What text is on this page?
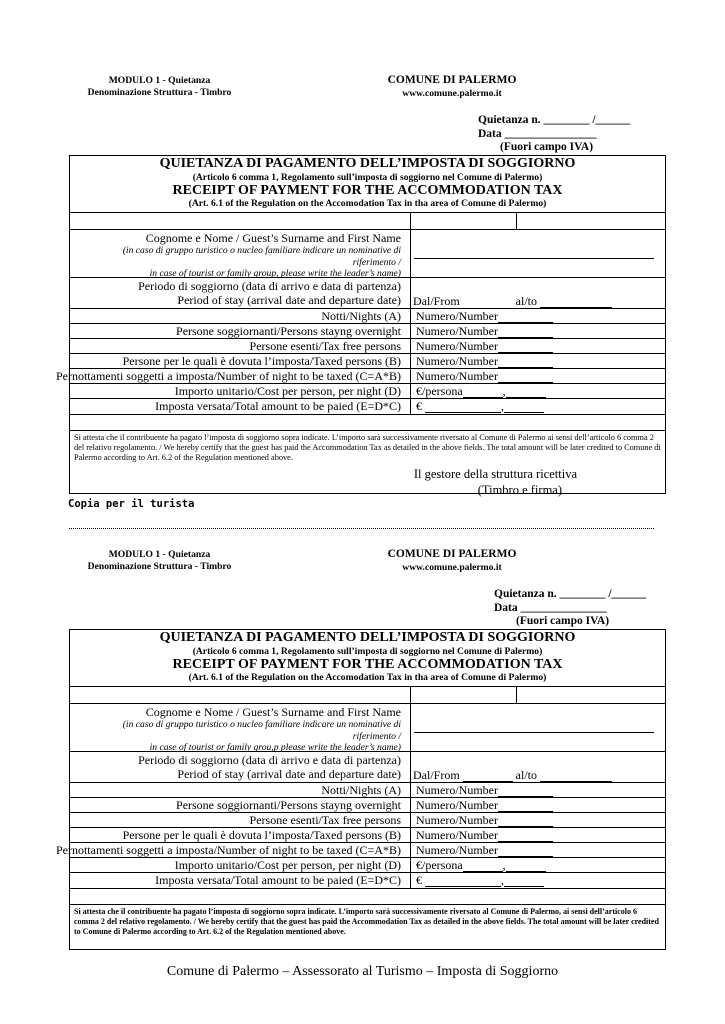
MODULO 1 - Quietanza
Denominazione Struttura - Timbro
COMUNE DI PALERMO
www.comune.palermo.it
Quietanza n. ________ /______
Data ________________
(Fuori campo IVA)
QUIETANZA DI PAGAMENTO DELL’IMPOSTA DI SOGGIORNO
(Articolo 6 comma 1, Regolamento sull’imposta di soggiorno nel Comune di Palermo)
RECEIPT OF PAYMENT FOR THE ACCOMMODATION TAX
(Art. 6.1 of the Regulation on the Accomodation Tax in tha area of Comune di Palermo)
Cognome e Nome / Guest’s Surname and First Name
(in caso di gruppo turistico o nucleo familiare indicare un nominative di
riferimento /
in case of tourist or family group, please write the leader’s name)
Periodo di soggiorno (data di arrivo e data di partenza)
Period of stay (arrival date and departure date) Dal/From	al/to
Notti/Nights (A) Numero/Number
Persone soggiornanti/Persons stayng overnight Numero/Number
Persone esenti/Tax free persons Numero/Number
Persone per le quali è dovuta l’imposta/Taxed persons (B) Numero/Number
Pernottamenti soggetti a imposta/Number of night to be taxed (C=A*B) Numero/Number
Importo unitario/Cost per person, per night (D) €/persona	,
Imposta versata/Total amount to be paied (E=D*C) €	,
Si attesta che il contribuente ha pagato l’imposta di soggiorno sopra indicate. L’importo sarà successivamente riversato al Comune di Palermo ai sensi dell’articolo 6 comma 2 del relativo regolamento. / We hereby certify that the guest has paid the Accommodation Tax as detailed in the above fields. The total amount will be later credited to Comune di Palermo according to Art. 6.2 of the Regulation mentioned above.
Il gestore della struttura ricettiva
(Timbro e firma)
Copia per il turista
MODULO 1 - Quietanza
Denominazione Struttura - Timbro
COMUNE DI PALERMO
www.comune.palermo.it
Quietanza n. ________ /______
Data _______________
(Fuori campo IVA)
QUIETANZA DI PAGAMENTO DELL’IMPOSTA DI SOGGIORNO
(Articolo 6 comma 1, Regolamento sull’imposta di soggiorno nel Comune di Palermo)
RECEIPT OF PAYMENT FOR THE ACCOMMODATION TAX
(Art. 6.1 of the Regulation on the Accomodation Tax in tha area of Comune di Palermo)
Cognome e Nome / Guest’s Surname and First Name
(in caso di gruppo turistico o nucleo familiare indicare un nominative di
riferimento /
in case of tourist or family grou,p please write the leader’s name)
Periodo di soggiorno (data di arrivo e data di partenza)
Period of stay (arrival date and departure date) Dal/From	al/to
Notti/Nights (A) Numero/Number
Persone soggiornanti/Persons stayng overnight Numero/Number
Persone esenti/Tax free persons Numero/Number
Persone per le quali è dovuta l’imposta/Taxed persons (B) Numero/Number
Pernottamenti soggetti a imposta/Number of night to be taxed (C=A*B) Numero/Number
Importo unitario/Cost per person, per night (D) €/persona	,
Imposta versata/Total amount to be paied (E=D*C) €	,
Si attesta che il contribuente ha pagato l’imposta di soggiorno sopra indicate. L’importo sarà successivamente riversato al Comune di Palermo, ai sensi dell’articolo 6 comma 2 del relativo regolamento. / We hereby certify that the guest has paid the Accommodation Tax as detailed in the above fields. The total amount will be later credited to Comune di Palermo according to Art. 6.2 of the Regulation mentioned above.
Comune di Palermo – Assessorato al Turismo – Imposta di Soggiorno
